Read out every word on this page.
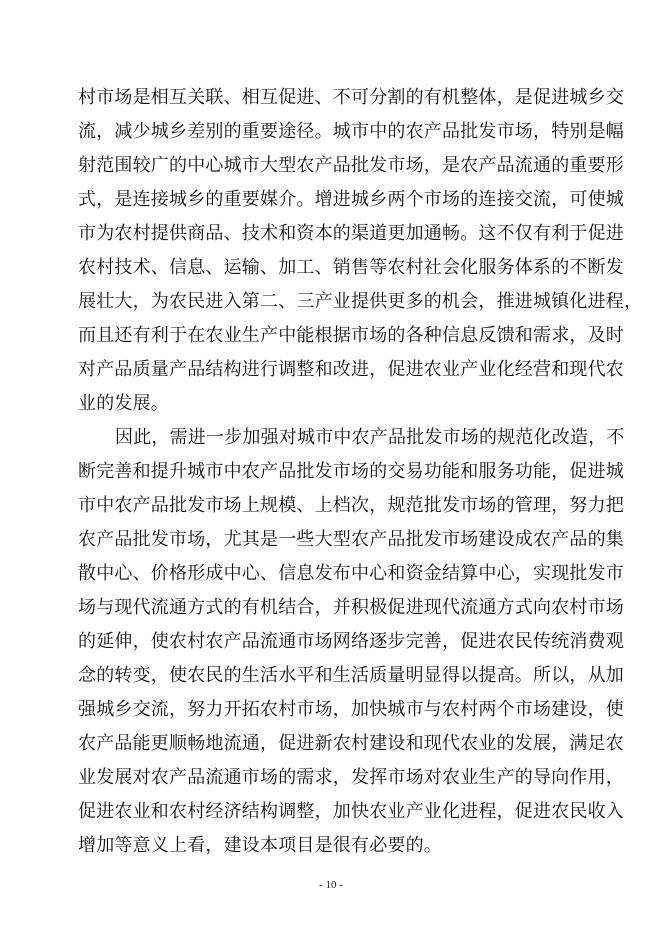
村市场是相互关联、相互促进、不可分割的有机整体，是促进城乡交
流，减少城乡差别的重要途径。城市中的农产品批发市场，特别是幅
射范围较广的中心城市大型农产品批发市场，是农产品流通的重要形
式，是连接城乡的重要媒介。增进城乡两个市场的连接交流，可使城
市为农村提供商品、技术和资本的渠道更加通畅。这不仅有利于促进
农村技术、信息、运输、加工、销售等农村社会化服务体系的不断发
展壮大，为农民进入第二、三产业提供更多的机会，推进城镇化进程，
而且还有利于在农业生产中能根据市场的各种信息反馈和需求，及时
对产品质量产品结构进行调整和改进，促进农业产业化经营和现代农
业的发展。
因此，需进一步加强对城市中农产品批发市场的规范化改造，不
断完善和提升城市中农产品批发市场的交易功能和服务功能，促进城
市中农产品批发市场上规模、上档次，规范批发市场的管理，努力把
农产品批发市场，尤其是一些大型农产品批发市场建设成农产品的集
散中心、价格形成中心、信息发布中心和资金结算中心，实现批发市
场与现代流通方式的有机结合，并积极促进现代流通方式向农村市场
的延伸，使农村农产品流通市场网络逐步完善，促进农民传统消费观
念的转变，使农民的生活水平和生活质量明显得以提高。所以，从加
强城乡交流，努力开拓农村市场，加快城市与农村两个市场建设，使
农产品能更顺畅地流通，促进新农村建设和现代农业的发展，满足农
业发展对农产品流通市场的需求，发挥市场对农业生产的导向作用，
促进农业和农村经济结构调整，加快农业产业化进程，促进农民收入
增加等意义上看，建设本项目是很有必要的。
- 10 -
